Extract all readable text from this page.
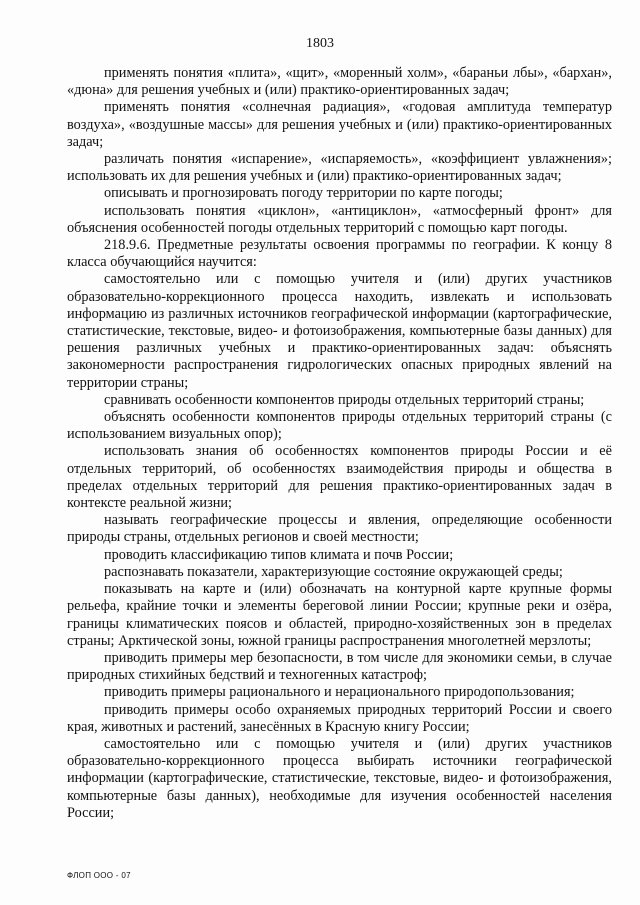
1803

применять понятия «плита», «щит», «моренный холм», «бараньи лбы», «бархан», «дюна» для решения учебных и (или) практико-ориентированных задач;

применять понятия «солнечная радиация», «годовая амплитуда температур воздуха», «воздушные массы» для решения учебных и (или) практико-ориентированных задач;

различать понятия «испарение», «испаряемость», «коэффициент увлажнения»; использовать их для решения учебных и (или) практико-ориентированных задач;

описывать и прогнозировать погоду территории по карте погоды;

использовать понятия «циклон», «антициклон», «атмосферный фронт» для объяснения особенностей погоды отдельных территорий с помощью карт погоды.

218.9.6. Предметные результаты освоения программы по географии. К концу 8 класса обучающийся научится:

самостоятельно или с помощью учителя и (или) других участников образовательно-коррекционного процесса находить, извлекать и использовать информацию из различных источников географической информации (картографические, статистические, текстовые, видео- и фотоизображения, компьютерные базы данных) для решения различных учебных и практико-ориентированных задач: объяснять закономерности распространения гидрологических опасных природных явлений на территории страны;

сравнивать особенности компонентов природы отдельных территорий страны;

объяснять особенности компонентов природы отдельных территорий страны (с использованием визуальных опор);

использовать знания об особенностях компонентов природы России и её отдельных территорий, об особенностях взаимодействия природы и общества в пределах отдельных территорий для решения практико-ориентированных задач в контексте реальной жизни;

называть географические процессы и явления, определяющие особенности природы страны, отдельных регионов и своей местности;

проводить классификацию типов климата и почв России;

распознавать показатели, характеризующие состояние окружающей среды;

показывать на карте и (или) обозначать на контурной карте крупные формы рельефа, крайние точки и элементы береговой линии России; крупные реки и озёра, границы климатических поясов и областей, природно-хозяйственных зон в пределах страны; Арктической зоны, южной границы распространения многолетней мерзлоты;

приводить примеры мер безопасности, в том числе для экономики семьи, в случае природных стихийных бедствий и техногенных катастроф;

приводить примеры рационального и нерационального природопользования;

приводить примеры особо охраняемых природных территорий России и своего края, животных и растений, занесённых в Красную книгу России;

самостоятельно или с помощью учителя и (или) других участников образовательно-коррекционного процесса выбирать источники географической информации (картографические, статистические, текстовые, видео- и фотоизображения, компьютерные базы данных), необходимые для изучения особенностей населения России;

ФЛОП ООО - 07
